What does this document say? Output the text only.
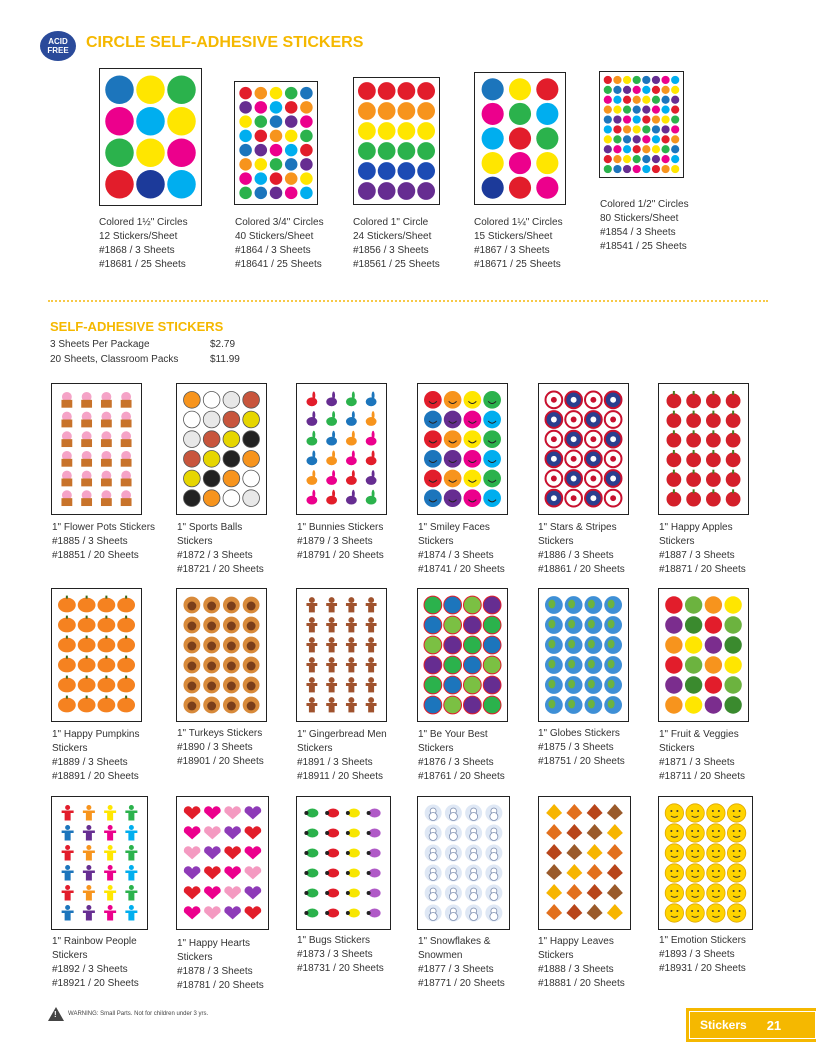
ACID
FREE	CIRCLE SELF-ADHESIVE STICKERS
Colored 1½" Circles
12 Stickers/Sheet
#1868 / 3 Sheets
#18681 / 25 Sheets
Colored 3/4" Circles
40 Stickers/Sheet
#1864 / 3 Sheets
#18641 / 25 Sheets
Colored 1" Circle
24 Stickers/Sheet
#1856 / 3 Sheets
#18561 / 25 Sheets
Colored 1¼" Circles
15 Stickers/Sheet
#1867 / 3 Sheets
#18671 / 25 Sheets
Colored 1/2" Circles
80 Stickers/Sheet
#1854 / 3 Sheets
#18541 / 25 Sheets
SELF-ADHESIVE STICKERS
3 Sheets Per Package	$2.79
20 Sheets, Classroom Packs	$11.99
1" Flower Pots Stickers
#1885 / 3 Sheets
#18851 / 20 Sheets
1" Sports Balls
Stickers
#1872 / 3 Sheets
#18721 / 20 Sheets
1" Bunnies Stickers
#1879 / 3 Sheets
#18791 / 20 Sheets
1" Smiley Faces
Stickers
#1874 / 3 Sheets
#18741 / 20 Sheets
1" Stars & Stripes
Stickers
#1886 / 3 Sheets
#18861 / 20 Sheets
1" Happy Apples
Stickers
#1887 / 3 Sheets
#18871 / 20 Sheets
1" Happy Pumpkins
Stickers
#1889 / 3 Sheets
#18891 / 20 Sheets
1" Turkeys Stickers
#1890 / 3 Sheets
#18901 / 20 Sheets
1" Gingerbread Men
Stickers
#1891 / 3 Sheets
#18911 / 20 Sheets
1" Be Your Best
Stickers
#1876 / 3 Sheets
#18761 / 20 Sheets
1" Globes Stickers
#1875 / 3 Sheets
#18751 / 20 Sheets
1" Fruit & Veggies
Stickers
#1871 / 3 Sheets
#18711 / 20 Sheets
1" Rainbow People
Stickers
#1892 / 3 Sheets
#18921 / 20 Sheets
1" Happy Hearts
Stickers
#1878 / 3 Sheets
#18781 / 20 Sheets
1" Bugs Stickers
#1873 / 3 Sheets
#18731 / 20 Sheets
1" Snowflakes &
Snowmen
#1877 / 3 Sheets
#18771 / 20 Sheets
1" Happy Leaves
Stickers
#1888 / 3 Sheets
#18881 / 20 Sheets
1" Emotion Stickers
#1893 / 3 Sheets
#18931 / 20 Sheets
! WARNING: Small Parts. Not for children under 3 yrs.
Stickers 21
